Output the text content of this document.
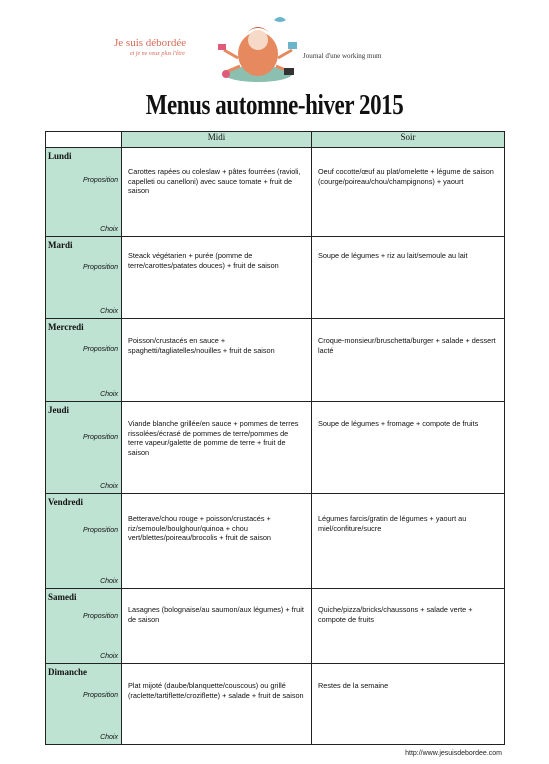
Je suis débordée
et je ne veux plus l'être	Journal d'une working mum
Menus automne-hiver 2015
	Midi	Soir

Lundi
Proposition
Choix	Carottes rapées ou coleslaw + pâtes fourrées (ravioli, capelleti ou canelloni) avec sauce tomate + fruit de saison	Oeuf cocotte/œuf au plat/omelette + légume de saison (courge/poireau/chou/champignons) + yaourt

Mardi
Proposition
Choix	Steack végétarien + purée (pomme de terre/carottes/patates douces) + fruit de saison	Soupe de légumes + riz au lait/semoule au lait

Mercredi
Proposition
Choix	Poisson/crustacés en sauce + spaghetti/tagliatelles/nouilles + fruit de saison	Croque-monsieur/bruschetta/burger + salade + dessert lacté

Jeudi
Proposition
Choix	Viande blanche grillée/en sauce + pommes de terres rissolées/écrasé de pommes de terre/pommes de terre vapeur/galette de pomme de terre + fruit de saison	Soupe de légumes + fromage + compote de fruits

Vendredi
Proposition
Choix	Betterave/chou rouge + poisson/crustacés + riz/semoule/boulghour/quinoa + chou vert/blettes/poireau/brocolis + fruit de saison	Légumes farcis/gratin de légumes + yaourt au miel/confiture/sucre

Samedi
Proposition
Choix	Lasagnes (bolognaise/au saumon/aux légumes) + fruit de saison	Quiche/pizza/bricks/chaussons + salade verte + compote de fruits

Dimanche
Proposition
Choix	Plat mijoté (daube/blanquette/couscous) ou grillé (raclette/tartiflette/croziflette) + salade + fruit de saison	Restes de la semaine
http://www.jesuisdebordee.com
